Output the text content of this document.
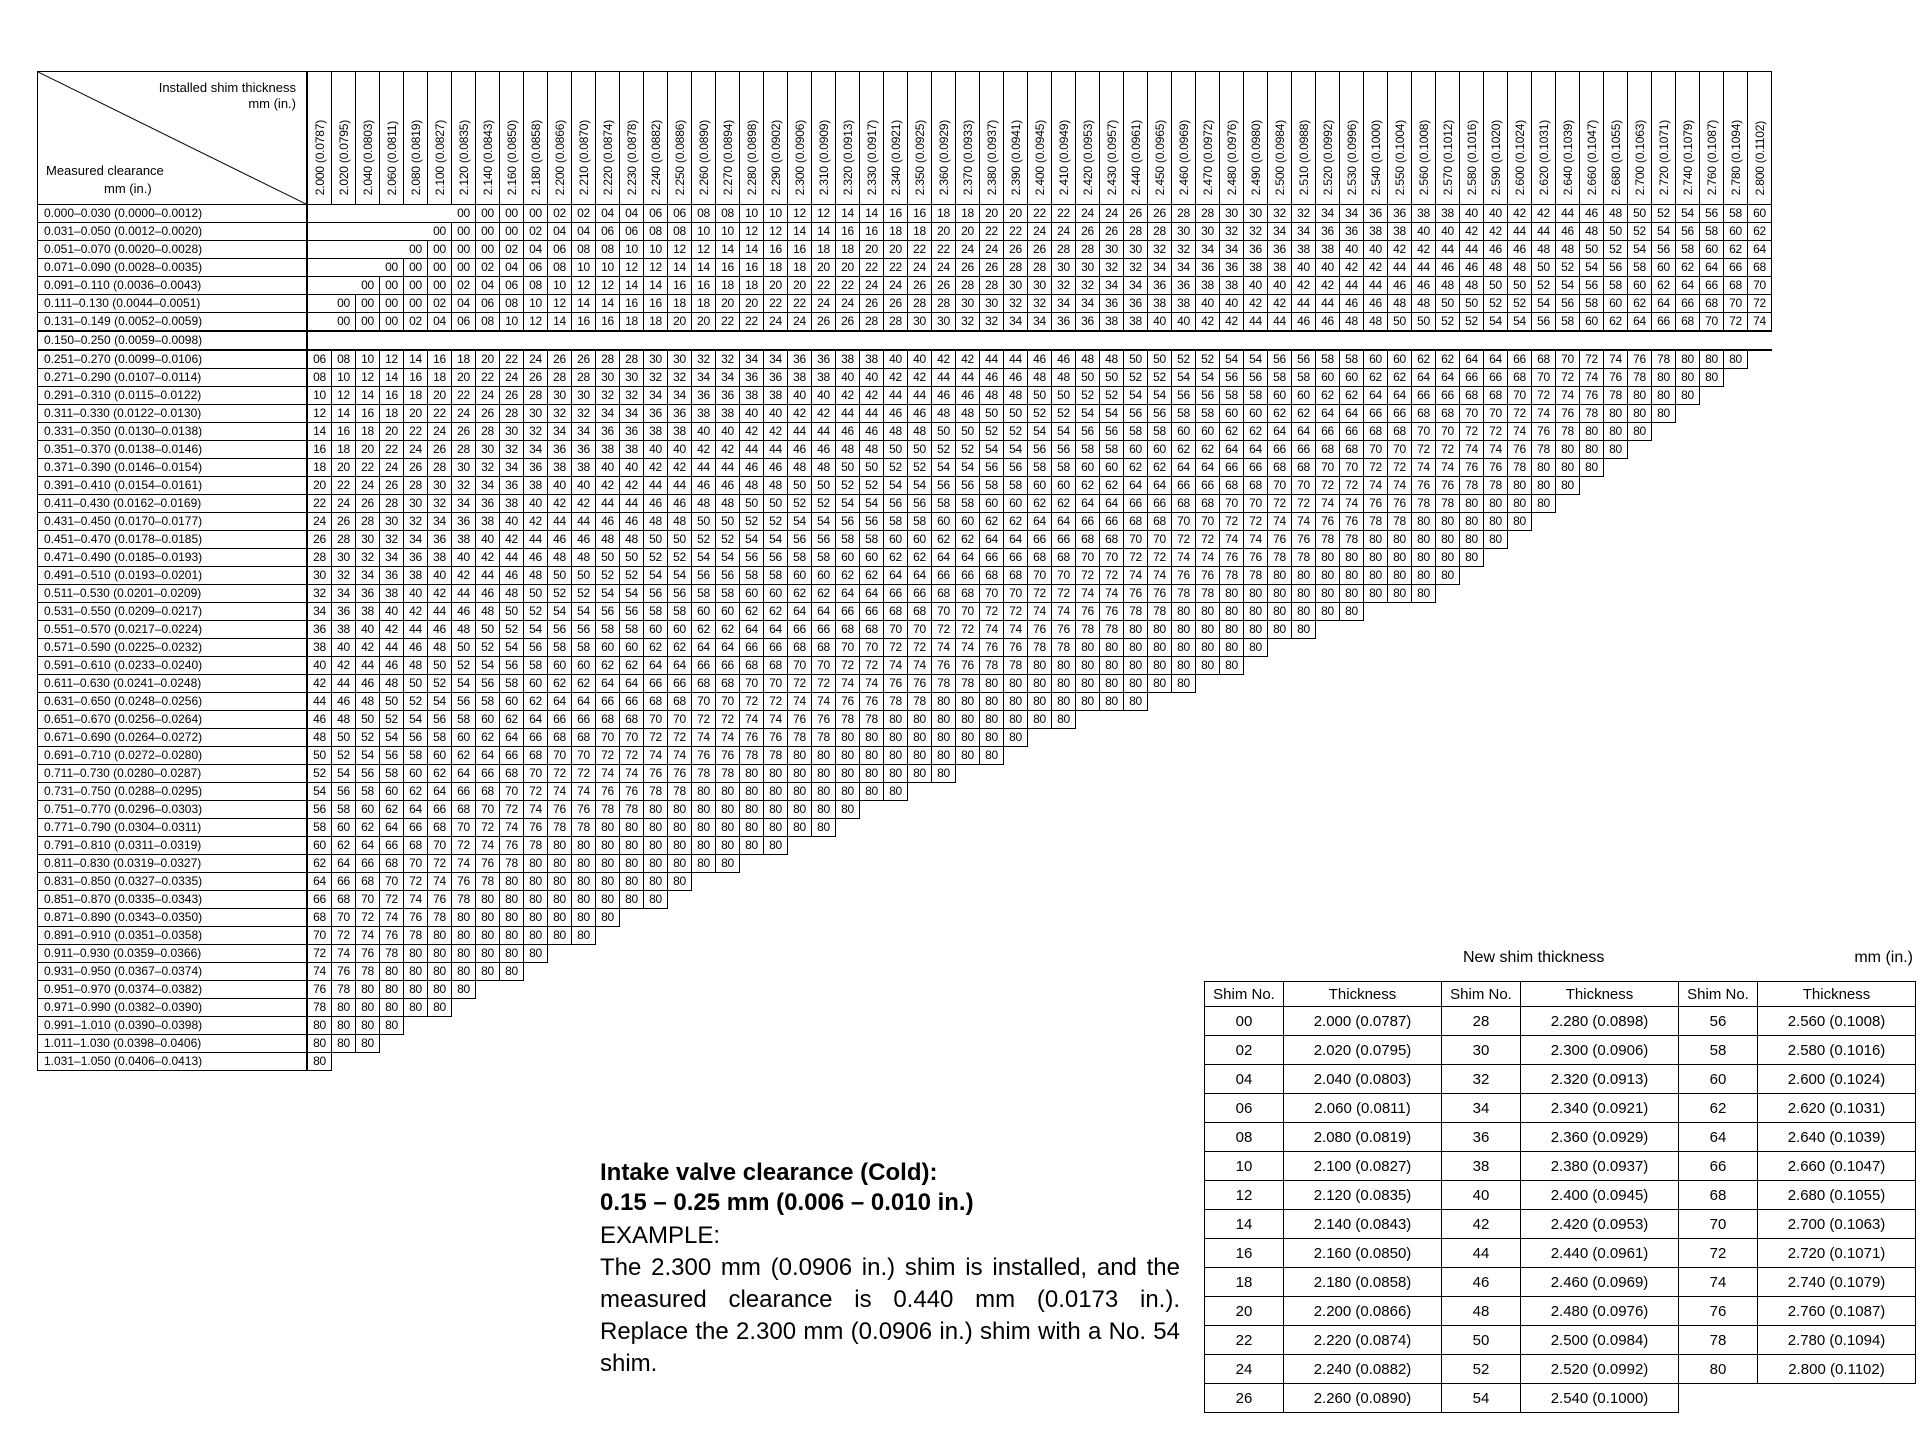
Installed shim thickness
mm (in.)
Measured clearance
mm (in.)	2.000 (0.0787)	2.020 (0.0795)	2.040 (0.0803)	2.060 (0.0811)	2.080 (0.0819)	2.100 (0.0827)	2.120 (0.0835)	2.140 (0.0843)	2.160 (0.0850)	2.180 (0.0858)	2.200 (0.0866)	2.210 (0.0870)	2.220 (0.0874)	2.230 (0.0878)	2.240 (0.0882)	2.250 (0.0886)	2.260 (0.0890)	2.270 (0.0894)	2.280 (0.0898)	2.290 (0.0902)	2.300 (0.0906)	2.310 (0.0909)	2.320 (0.0913)	2.330 (0.0917)	2.340 (0.0921)	2.350 (0.0925)	2.360 (0.0929)	2.370 (0.0933)	2.380 (0.0937)	2.390 (0.0941)	2.400 (0.0945)	2.410 (0.0949)	2.420 (0.0953)	2.430 (0.0957)	2.440 (0.0961)	2.450 (0.0965)	2.460 (0.0969)	2.470 (0.0972)	2.480 (0.0976)	2.490 (0.0980)	2.500 (0.0984)	2.510 (0.0988)	2.520 (0.0992)	2.530 (0.0996)	2.540 (0.1000)	2.550 (0.1004)	2.560 (0.1008)	2.570 (0.1012)	2.580 (0.1016)	2.590 (0.1020)	2.600 (0.1024)	2.620 (0.1031)	2.640 (0.1039)	2.660 (0.1047)	2.680 (0.1055)	2.700 (0.1063)	2.720 (0.1071)	2.740 (0.1079)	2.760 (0.1087)	2.780 (0.1094)	2.800 (0.1102)
0.000–0.030 (0.0000–0.0012)							00	00	00	00	02	02	04	04	06	06	08	08	10	10	12	12	14	14	16	16	18	18	20	20	22	22	24	24	26	26	28	28	30	30	32	32	34	34	36	36	38	38	40	40	42	42	44	46	48	50	52	54	56	58	60
0.031–0.050 (0.0012–0.0020)						00	00	00	00	02	04	04	06	06	08	08	10	10	12	12	14	14	16	16	18	18	20	20	22	22	24	24	26	26	28	28	30	30	32	32	34	34	36	36	38	38	40	40	42	42	44	44	46	48	50	52	54	56	58	60	62
0.051–0.070 (0.0020–0.0028)					00	00	00	00	02	04	06	08	08	10	10	12	12	14	14	16	16	18	18	20	20	22	22	24	24	26	26	28	28	30	30	32	32	34	34	36	36	38	38	40	40	42	42	44	44	46	46	48	48	50	52	54	56	58	60	62	64
0.071–0.090 (0.0028–0.0035)				00	00	00	00	02	04	06	08	10	10	12	12	14	14	16	16	18	18	20	20	22	22	24	24	26	26	28	28	30	30	32	32	34	34	36	36	38	38	40	40	42	42	44	44	46	46	48	48	50	52	54	56	58	60	62	64	66	68
0.091–0.110 (0.0036–0.0043)			00	00	00	00	02	04	06	08	10	12	12	14	14	16	16	18	18	20	20	22	22	24	24	26	26	28	28	30	30	32	32	34	34	36	36	38	38	40	40	42	42	44	44	46	46	48	48	50	50	52	54	56	58	60	62	64	66	68	70
0.111–0.130 (0.0044–0.0051)		00	00	00	00	02	04	06	08	10	12	14	14	16	16	18	18	20	20	22	22	24	24	26	26	28	28	30	30	32	32	34	34	36	36	38	38	40	40	42	42	44	44	46	46	48	48	50	50	52	52	54	56	58	60	62	64	66	68	70	72
0.131–0.149 (0.0052–0.0059)		00	00	00	02	04	06	08	10	12	14	16	16	18	18	20	20	22	22	24	24	26	26	28	28	30	30	32	32	34	34	36	36	38	38	40	40	42	42	44	44	46	46	48	48	50	50	52	52	54	54	56	58	60	62	64	66	68	70	72	74
0.150–0.250 (0.0059–0.0098)																																																													
0.251–0.270 (0.0099–0.0106)	06	08	10	12	14	16	18	20	22	24	26	26	28	28	30	30	32	32	34	34	36	36	38	38	40	40	42	42	44	44	46	46	48	48	50	50	52	52	54	54	56	56	58	58	60	60	62	62	64	64	66	68	70	72	74	76	78	80	80	80	
0.271–0.290 (0.0107–0.0114)	08	10	12	14	16	18	20	22	24	26	28	28	30	30	32	32	34	34	36	36	38	38	40	40	42	42	44	44	46	46	48	48	50	50	52	52	54	54	56	56	58	58	60	60	62	62	64	64	66	66	68	70	72	74	76	78	80	80	80		
0.291–0.310 (0.0115–0.0122)	10	12	14	16	18	20	22	24	26	28	30	30	32	32	34	34	36	36	38	38	40	40	42	42	44	44	46	46	48	48	50	50	52	52	54	54	56	56	58	58	60	60	62	62	64	64	66	66	68	68	70	72	74	76	78	80	80	80			
0.311–0.330 (0.0122–0.0130)	12	14	16	18	20	22	24	26	28	30	32	32	34	34	36	36	38	38	40	40	42	42	44	44	46	46	48	48	50	50	52	52	54	54	56	56	58	58	60	60	62	62	64	64	66	66	68	68	70	70	72	74	76	78	80	80	80				
0.331–0.350 (0.0130–0.0138)	14	16	18	20	22	24	26	28	30	32	34	34	36	36	38	38	40	40	42	42	44	44	46	46	48	48	50	50	52	52	54	54	56	56	58	58	60	60	62	62	64	64	66	66	68	68	70	70	72	72	74	76	78	80	80	80					
0.351–0.370 (0.0138–0.0146)	16	18	20	22	24	26	28	30	32	34	36	36	38	38	40	40	42	42	44	44	46	46	48	48	50	50	52	52	54	54	56	56	58	58	60	60	62	62	64	64	66	66	68	68	70	70	72	72	74	74	76	78	80	80	80						
0.371–0.390 (0.0146–0.0154)	18	20	22	24	26	28	30	32	34	36	38	38	40	40	42	42	44	44	46	46	48	48	50	50	52	52	54	54	56	56	58	58	60	60	62	62	64	64	66	66	68	68	70	70	72	72	74	74	76	76	78	80	80	80							
0.391–0.410 (0.0154–0.0161)	20	22	24	26	28	30	32	34	36	38	40	40	42	42	44	44	46	46	48	48	50	50	52	52	54	54	56	56	58	58	60	60	62	62	64	64	66	66	68	68	70	70	72	72	74	74	76	76	78	78	80	80	80								
0.411–0.430 (0.0162–0.0169)	22	24	26	28	30	32	34	36	38	40	42	42	44	44	46	46	48	48	50	50	52	52	54	54	56	56	58	58	60	60	62	62	64	64	66	66	68	68	70	70	72	72	74	74	76	76	78	78	80	80	80	80									
0.431–0.450 (0.0170–0.0177)	24	26	28	30	32	34	36	38	40	42	44	44	46	46	48	48	50	50	52	52	54	54	56	56	58	58	60	60	62	62	64	64	66	66	68	68	70	70	72	72	74	74	76	76	78	78	80	80	80	80	80										
0.451–0.470 (0.0178–0.0185)	26	28	30	32	34	36	38	40	42	44	46	46	48	48	50	50	52	52	54	54	56	56	58	58	60	60	62	62	64	64	66	66	68	68	70	70	72	72	74	74	76	76	78	78	80	80	80	80	80	80											
0.471–0.490 (0.0185–0.0193)	28	30	32	34	36	38	40	42	44	46	48	48	50	50	52	52	54	54	56	56	58	58	60	60	62	62	64	64	66	66	68	68	70	70	72	72	74	74	76	76	78	78	80	80	80	80	80	80	80												
0.491–0.510 (0.0193–0.0201)	30	32	34	36	38	40	42	44	46	48	50	50	52	52	54	54	56	56	58	58	60	60	62	62	64	64	66	66	68	68	70	70	72	72	74	74	76	76	78	78	80	80	80	80	80	80	80	80													
0.511–0.530 (0.0201–0.0209)	32	34	36	38	40	42	44	46	48	50	52	52	54	54	56	56	58	58	60	60	62	62	64	64	66	66	68	68	70	70	72	72	74	74	76	76	78	78	80	80	80	80	80	80	80	80	80														
0.531–0.550 (0.0209–0.0217)	34	36	38	40	42	44	46	48	50	52	54	54	56	56	58	58	60	60	62	62	64	64	66	66	68	68	70	70	72	72	74	74	76	76	78	78	80	80	80	80	80	80	80	80																	
0.551–0.570 (0.0217–0.0224)	36	38	40	42	44	46	48	50	52	54	56	56	58	58	60	60	62	62	64	64	66	66	68	68	70	70	72	72	74	74	76	76	78	78	80	80	80	80	80	80	80	80																			
0.571–0.590 (0.0225–0.0232)	38	40	42	44	46	48	50	52	54	56	58	58	60	60	62	62	64	64	66	66	68	68	70	70	72	72	74	74	76	76	78	78	80	80	80	80	80	80	80	80																					
0.591–0.610 (0.0233–0.0240)	40	42	44	46	48	50	52	54	56	58	60	60	62	62	64	64	66	66	68	68	70	70	72	72	74	74	76	76	78	78	80	80	80	80	80	80	80	80	80																						
0.611–0.630 (0.0241–0.0248)	42	44	46	48	50	52	54	56	58	60	62	62	64	64	66	66	68	68	70	70	72	72	74	74	76	76	78	78	80	80	80	80	80	80	80	80	80																								
0.631–0.650 (0.0248–0.0256)	44	46	48	50	52	54	56	58	60	62	64	64	66	66	68	68	70	70	72	72	74	74	76	76	78	78	80	80	80	80	80	80	80	80	80																										
0.651–0.670 (0.0256–0.0264)	46	48	50	52	54	56	58	60	62	64	66	66	68	68	70	70	72	72	74	74	76	76	78	78	80	80	80	80	80	80	80	80																													
0.671–0.690 (0.0264–0.0272)	48	50	52	54	56	58	60	62	64	66	68	68	70	70	72	72	74	74	76	76	78	78	80	80	80	80	80	80	80	80																															
0.691–0.710 (0.0272–0.0280)	50	52	54	56	58	60	62	64	66	68	70	70	72	72	74	74	76	76	78	78	80	80	80	80	80	80	80	80	80																																
0.711–0.730 (0.0280–0.0287)	52	54	56	58	60	62	64	66	68	70	72	72	74	74	76	76	78	78	80	80	80	80	80	80	80	80	80																																		
0.731–0.750 (0.0288–0.0295)	54	56	58	60	62	64	66	68	70	72	74	74	76	76	78	78	80	80	80	80	80	80	80	80	80																																				
0.751–0.770 (0.0296–0.0303)	56	58	60	62	64	66	68	70	72	74	76	76	78	78	80	80	80	80	80	80	80	80	80																																						
0.771–0.790 (0.0304–0.0311)	58	60	62	64	66	68	70	72	74	76	78	78	80	80	80	80	80	80	80	80	80	80																																							
0.791–0.810 (0.0311–0.0319)	60	62	64	66	68	70	72	74	76	78	80	80	80	80	80	80	80	80	80	80																																									
0.811–0.830 (0.0319–0.0327)	62	64	66	68	70	72	74	76	78	80	80	80	80	80	80	80	80	80																																											
0.831–0.850 (0.0327–0.0335)	64	66	68	70	72	74	76	78	80	80	80	80	80	80	80	80																																													
0.851–0.870 (0.0335–0.0343)	66	68	70	72	74	76	78	80	80	80	80	80	80	80	80																																														
0.871–0.890 (0.0343–0.0350)	68	70	72	74	76	78	80	80	80	80	80	80	80																																																
0.891–0.910 (0.0351–0.0358)	70	72	74	76	78	80	80	80	80	80	80	80																																																	
0.911–0.930 (0.0359–0.0366)	72	74	76	78	80	80	80	80	80	80																																																			
0.931–0.950 (0.0367–0.0374)	74	76	78	80	80	80	80	80	80																																																				
0.951–0.970 (0.0374–0.0382)	76	78	80	80	80	80	80																																																						
0.971–0.990 (0.0382–0.0390)	78	80	80	80	80	80																																																							
0.991–1.010 (0.0390–0.0398)	80	80	80	80																																																									
1.011–1.030 (0.0398–0.0406)	80	80	80																																																										
1.031–1.050 (0.0406–0.0413)	80																																																												

Intake valve clearance (Cold):

0.15 – 0.25 mm (0.006 – 0.010 in.)

EXAMPLE:

The 2.300 mm (0.0906 in.) shim is installed, and the measured clearance is 0.440 mm (0.0173 in.). Replace the 2.300 mm (0.0906 in.) shim with a No. 54 shim.

New shim thickness	mm (in.)
Shim No.	Thickness	Shim No.	Thickness	Shim No.	Thickness
00	2.000 (0.0787)	28	2.280 (0.0898)	56	2.560 (0.1008)
02	2.020 (0.0795)	30	2.300 (0.0906)	58	2.580 (0.1016)
04	2.040 (0.0803)	32	2.320 (0.0913)	60	2.600 (0.1024)
06	2.060 (0.0811)	34	2.340 (0.0921)	62	2.620 (0.1031)
08	2.080 (0.0819)	36	2.360 (0.0929)	64	2.640 (0.1039)
10	2.100 (0.0827)	38	2.380 (0.0937)	66	2.660 (0.1047)
12	2.120 (0.0835)	40	2.400 (0.0945)	68	2.680 (0.1055)
14	2.140 (0.0843)	42	2.420 (0.0953)	70	2.700 (0.1063)
16	2.160 (0.0850)	44	2.440 (0.0961)	72	2.720 (0.1071)
18	2.180 (0.0858)	46	2.460 (0.0969)	74	2.740 (0.1079)
20	2.200 (0.0866)	48	2.480 (0.0976)	76	2.760 (0.1087)
22	2.220 (0.0874)	50	2.500 (0.0984)	78	2.780 (0.1094)
24	2.240 (0.0882)	52	2.520 (0.0992)	80	2.800 (0.1102)
26	2.260 (0.0890)	54	2.540 (0.1000)		
